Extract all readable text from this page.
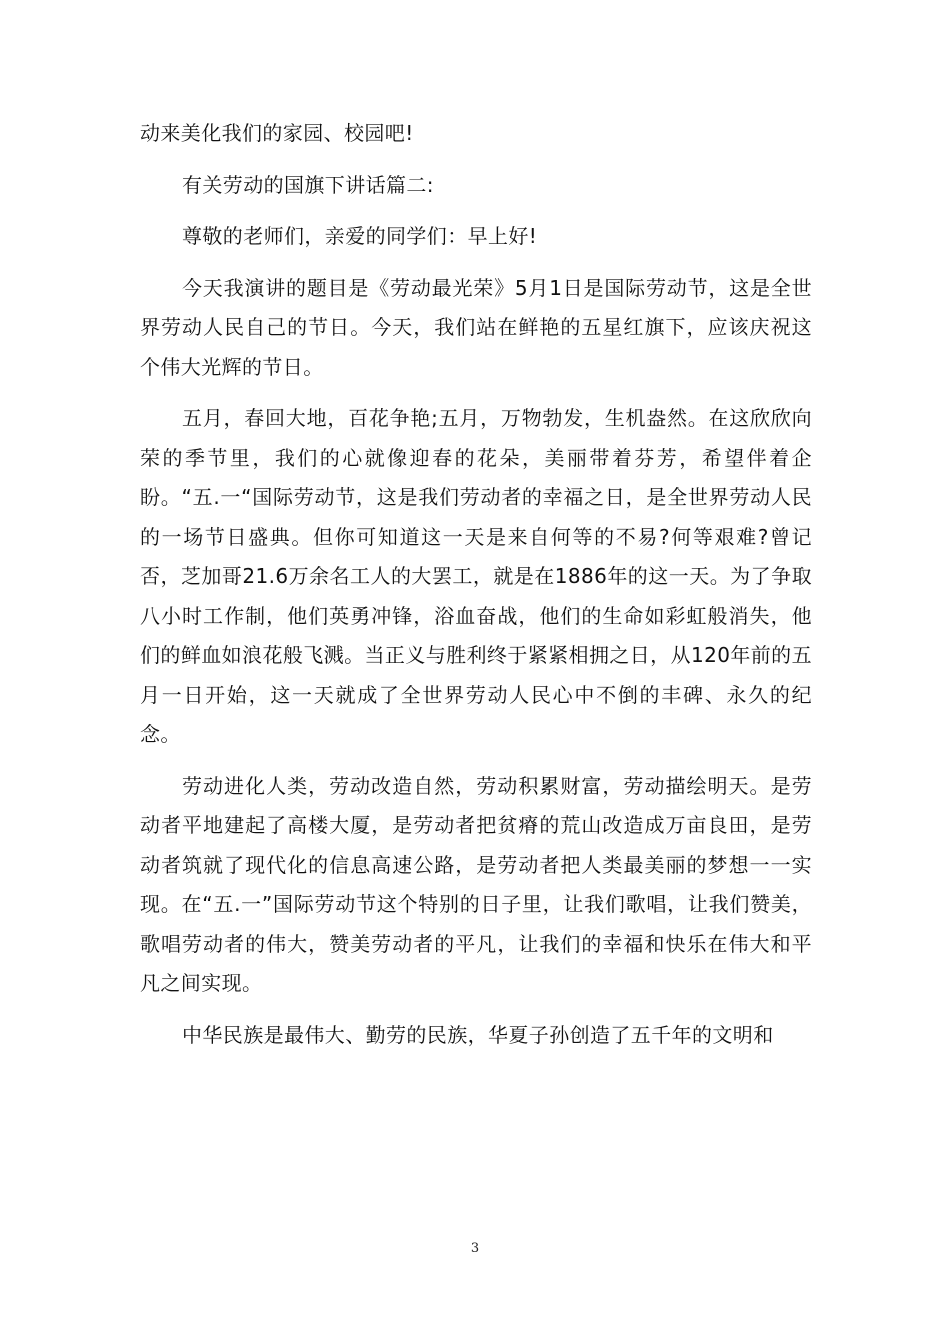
动来美化我们的家园、校园吧!

有关劳动的国旗下讲话篇二:

尊敬的老师们，亲爱的同学们：早上好!

今天我演讲的题目是《劳动最光荣》5月1日是国际劳动节，这是全世界劳动人民自己的节日。今天，我们站在鲜艳的五星红旗下，应该庆祝这个伟大光辉的节日。

五月，春回大地，百花争艳;五月，万物勃发，生机盎然。在这欣欣向荣的季节里，我们的心就像迎春的花朵，美丽带着芬芳，希望伴着企盼。“五.一“国际劳动节，这是我们劳动者的幸福之日，是全世界劳动人民的一场节日盛典。但你可知道这一天是来自何等的不易?何等艰难?曾记否，芝加哥21.6万余名工人的大罢工，就是在1886年的这一天。为了争取八小时工作制，他们英勇冲锋，浴血奋战，他们的生命如彩虹般消失，他们的鲜血如浪花般飞溅。当正义与胜利终于紧紧相拥之日，从120年前的五月一日开始，这一天就成了全世界劳动人民心中不倒的丰碑、永久的纪念。

劳动进化人类，劳动改造自然，劳动积累财富，劳动描绘明天。是劳动者平地建起了高楼大厦，是劳动者把贫瘠的荒山改造成万亩良田，是劳动者筑就了现代化的信息高速公路，是劳动者把人类最美丽的梦想一一实现。在“五.一”国际劳动节这个特别的日子里，让我们歌唱，让我们赞美，歌唱劳动者的伟大，赞美劳动者的平凡，让我们的幸福和快乐在伟大和平凡之间实现。

中华民族是最伟大、勤劳的民族，华夏子孙创造了五千年的文明和

3
